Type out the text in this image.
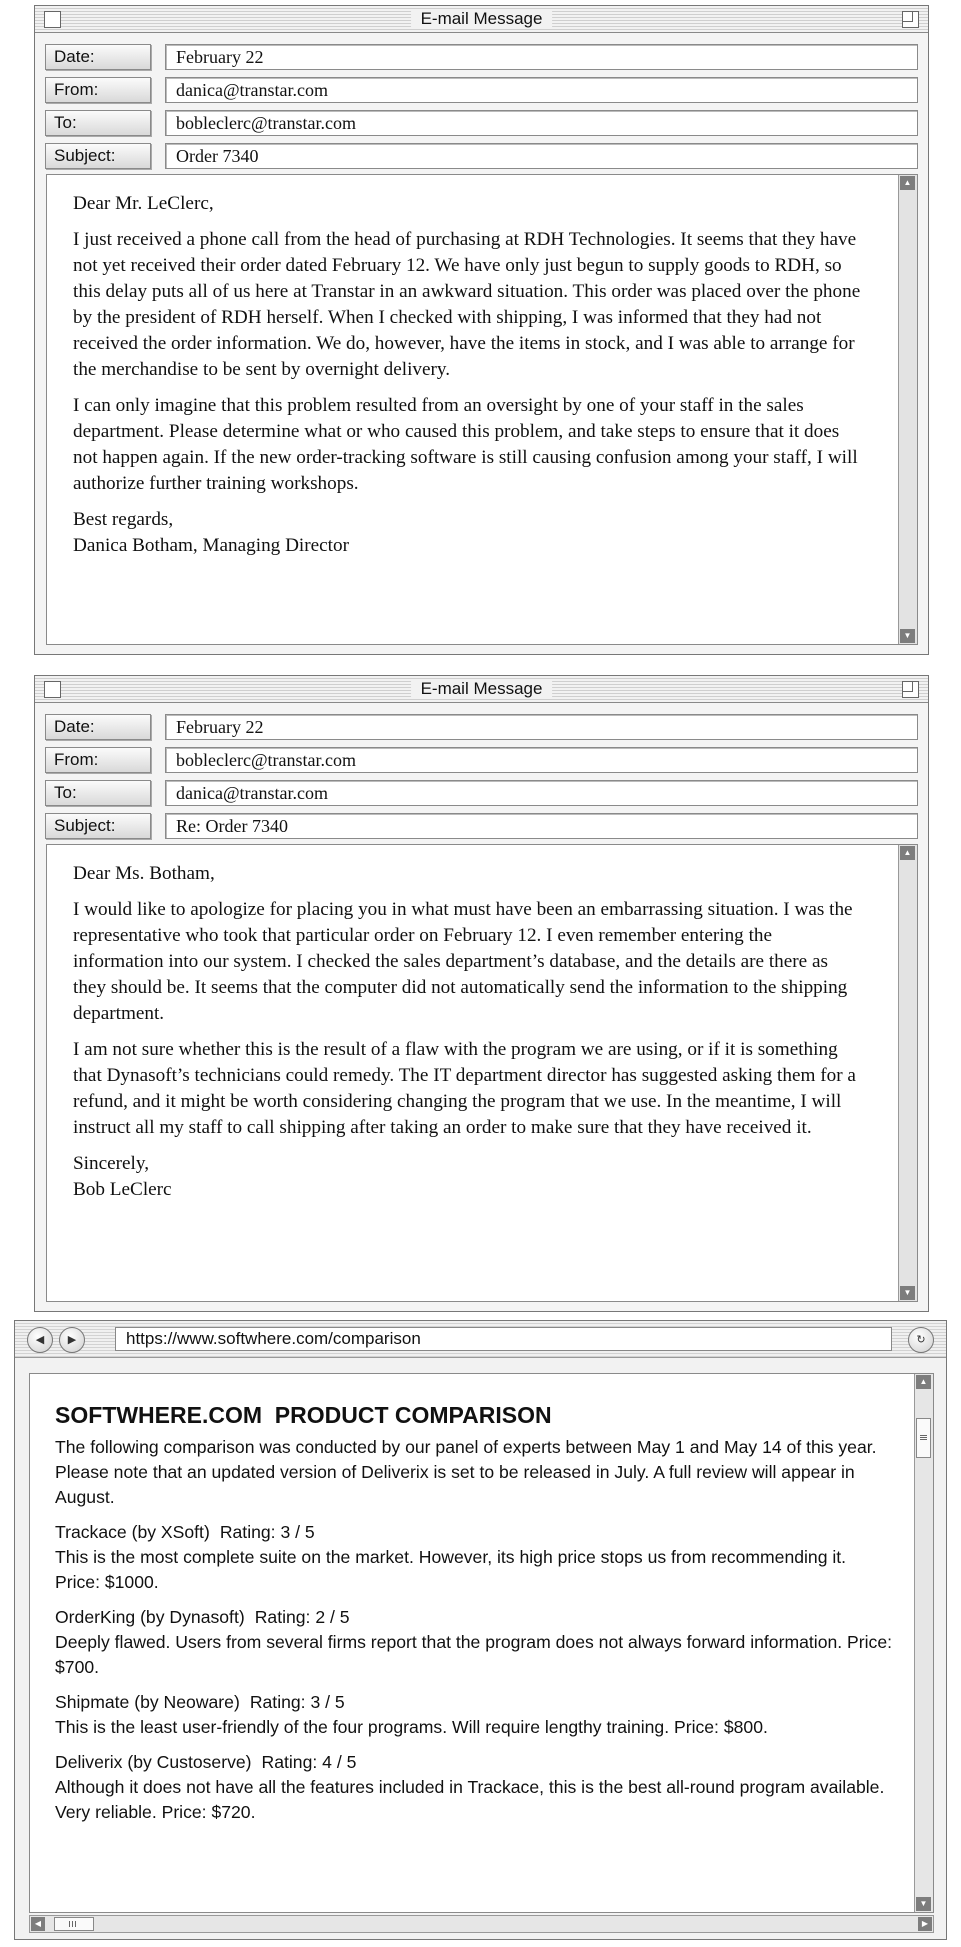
E-mail Message
Date:	February 22
From:	danica@transtar.com
To:	bobleclerc@transtar.com
Subject:	Order 7340

Dear Mr. LeClerc,

I just received a phone call from the head of purchasing at RDH Technologies. It seems that they have not yet received their order dated February 12. We have only just begun to supply goods to RDH, so this delay puts all of us here at Transtar in an awkward situation. This order was placed over the phone by the president of RDH herself. When I checked with shipping, I was informed that they had not received the order information. We do, however, have the items in stock, and I was able to arrange for the merchandise to be sent by overnight delivery.

I can only imagine that this problem resulted from an oversight by one of your staff in the sales department. Please determine what or who caused this problem, and take steps to ensure that it does not happen again. If the new order-tracking software is still causing confusion among your staff, I will authorize further training workshops.

Best regards,
Danica Botham, Managing Director
▲
▼
E-mail Message
Date:	February 22
From:	bobleclerc@transtar.com
To:	danica@transtar.com
Subject:	Re: Order 7340

Dear Ms. Botham,

I would like to apologize for placing you in what must have been an embarrassing situation. I was the representative who took that particular order on February 12. I even remember entering the information into our system. I checked the sales department’s database, and the details are there as they should be. It seems that the computer did not automatically send the information to the shipping department.

I am not sure whether this is the result of a flaw with the program we are using, or if it is something that Dynasoft’s technicians could remedy. The IT department director has suggested asking them for a refund, and it might be worth considering changing the program that we use. In the meantime, I will instruct all my staff to call shipping after taking an order to make sure that they have received it.

Sincerely,
Bob LeClerc
▲
▼
◀	▶	https://www.softwhere.com/comparison	↻
SOFTWHERE.COM  PRODUCT COMPARISON

The following comparison was conducted by our panel of experts between May 1 and May 14 of this year. Please note that an updated version of Deliverix is set to be released in July. A full review will appear in August.

Trackace (by XSoft) Rating: 3 / 5
This is the most complete suite on the market. However, its high price stops us from recommending it. Price: $1000.
OrderKing (by Dynasoft) Rating: 2 / 5
Deeply flawed. Users from several firms report that the program does not always forward information. Price: $700.
Shipmate (by Neoware) Rating: 3 / 5
This is the least user-friendly of the four programs. Will require lengthy training. Price: $800.
Deliverix (by Custoserve) Rating: 4 / 5
Although it does not have all the features included in Trackace, this is the best all-round program available. Very reliable. Price: $720.
▲
▼
◀	▶
